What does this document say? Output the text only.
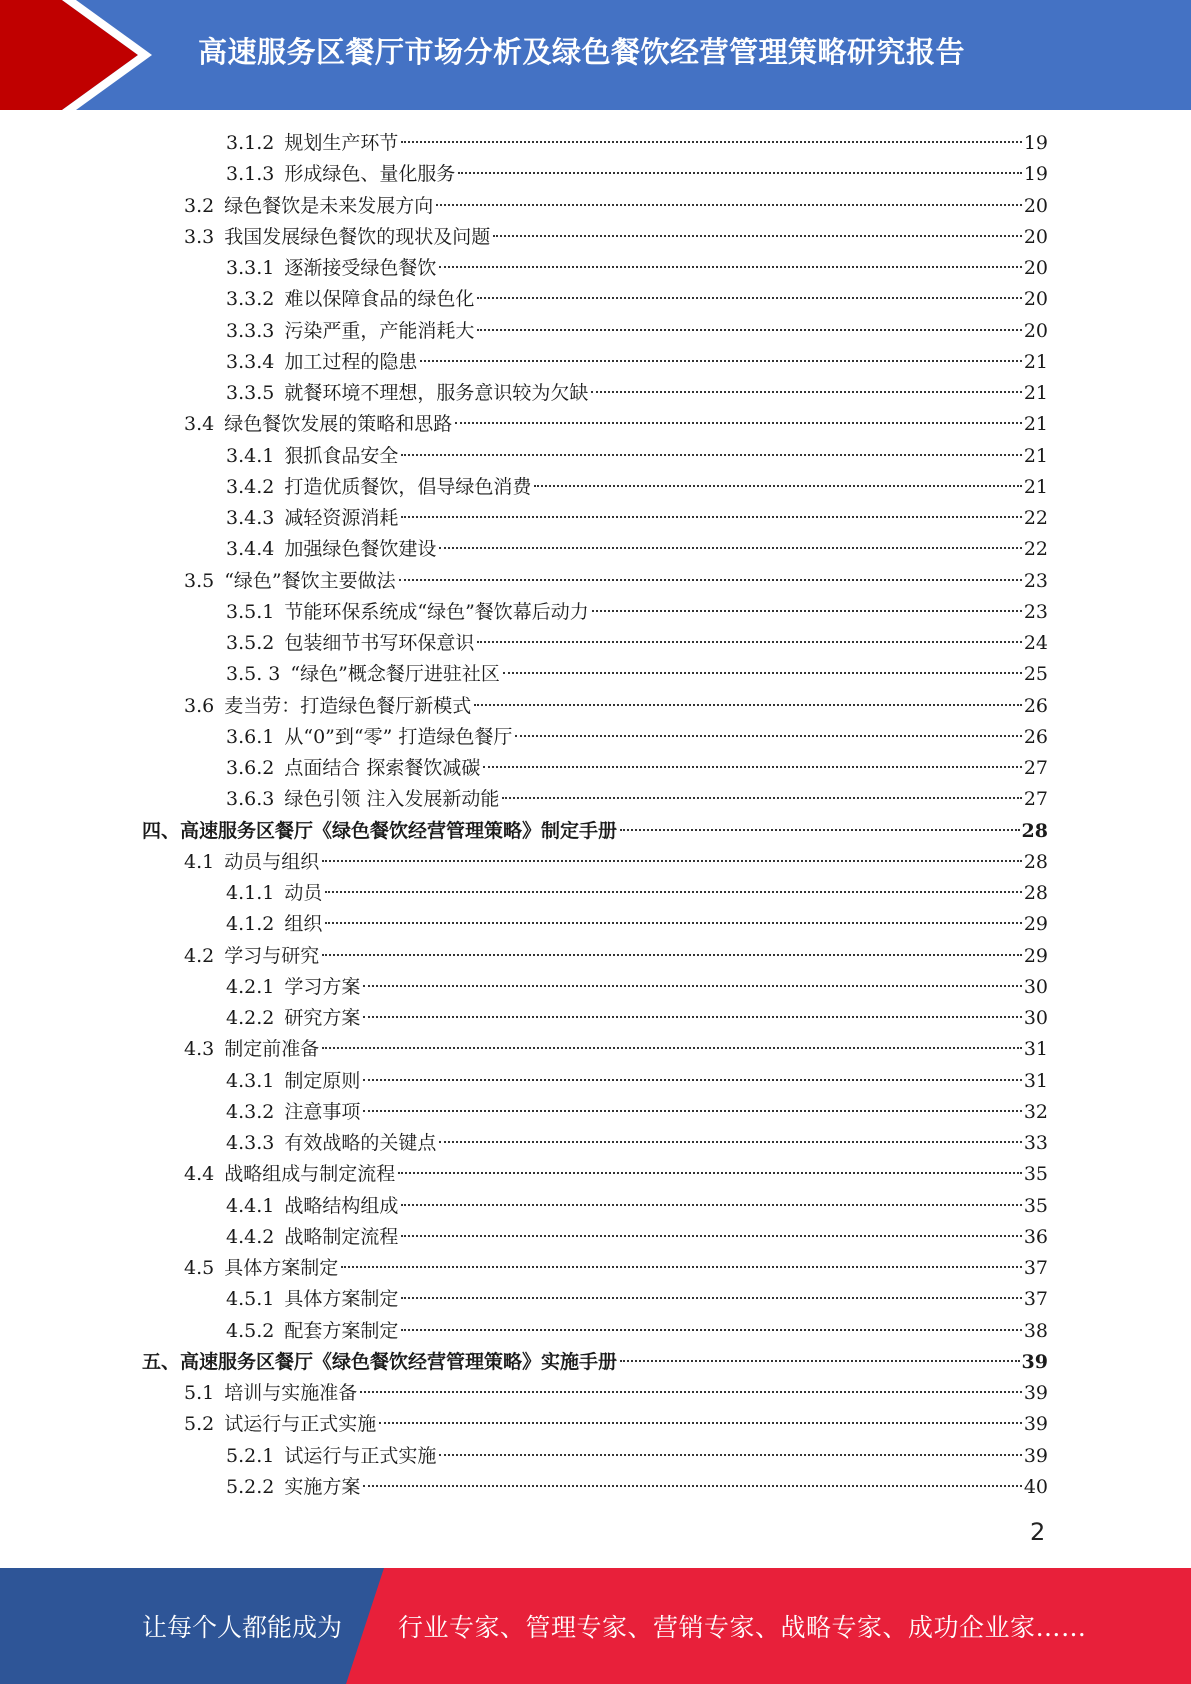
高速服务区餐厅市场分析及绿色餐饮经营管理策略研究报告
3.1.2 规划生产环节	19
3.1.3 形成绿色、量化服务	19
3.2 绿色餐饮是未来发展方向	20
3.3 我国发展绿色餐饮的现状及问题	20
3.3.1 逐渐接受绿色餐饮	20
3.3.2 难以保障食品的绿色化	20
3.3.3 污染严重，产能消耗大	20
3.3.4 加工过程的隐患	21
3.3.5 就餐环境不理想，服务意识较为欠缺	21
3.4 绿色餐饮发展的策略和思路	21
3.4.1 狠抓食品安全	21
3.4.2 打造优质餐饮，倡导绿色消费	21
3.4.3 减轻资源消耗	22
3.4.4 加强绿色餐饮建设	22
3.5 “绿色”餐饮主要做法	23
3.5.1 节能环保系统成“绿色”餐饮幕后动力	23
3.5.2 包装细节书写环保意识	24
3.5. 3 “绿色”概念餐厅进驻社区	25
3.6 麦当劳：打造绿色餐厅新模式	26
3.6.1 从“0”到“零” 打造绿色餐厅	26
3.6.2 点面结合 探索餐饮减碳	27
3.6.3 绿色引领 注入发展新动能	27
四、高速服务区餐厅《绿色餐饮经营管理策略》制定手册	28
4.1 动员与组织	28
4.1.1 动员	28
4.1.2 组织	29
4.2 学习与研究	29
4.2.1 学习方案	30
4.2.2 研究方案	30
4.3 制定前准备	31
4.3.1 制定原则	31
4.3.2 注意事项	32
4.3.3 有效战略的关键点	33
4.4 战略组成与制定流程	35
4.4.1 战略结构组成	35
4.4.2 战略制定流程	36
4.5 具体方案制定	37
4.5.1 具体方案制定	37
4.5.2 配套方案制定	38
五、高速服务区餐厅《绿色餐饮经营管理策略》实施手册	39
5.1 培训与实施准备	39
5.2 试运行与正式实施	39
5.2.1 试运行与正式实施	39
5.2.2 实施方案	40
2
让每个人都能成为 行业专家、管理专家、营销专家、战略专家、成功企业家……
